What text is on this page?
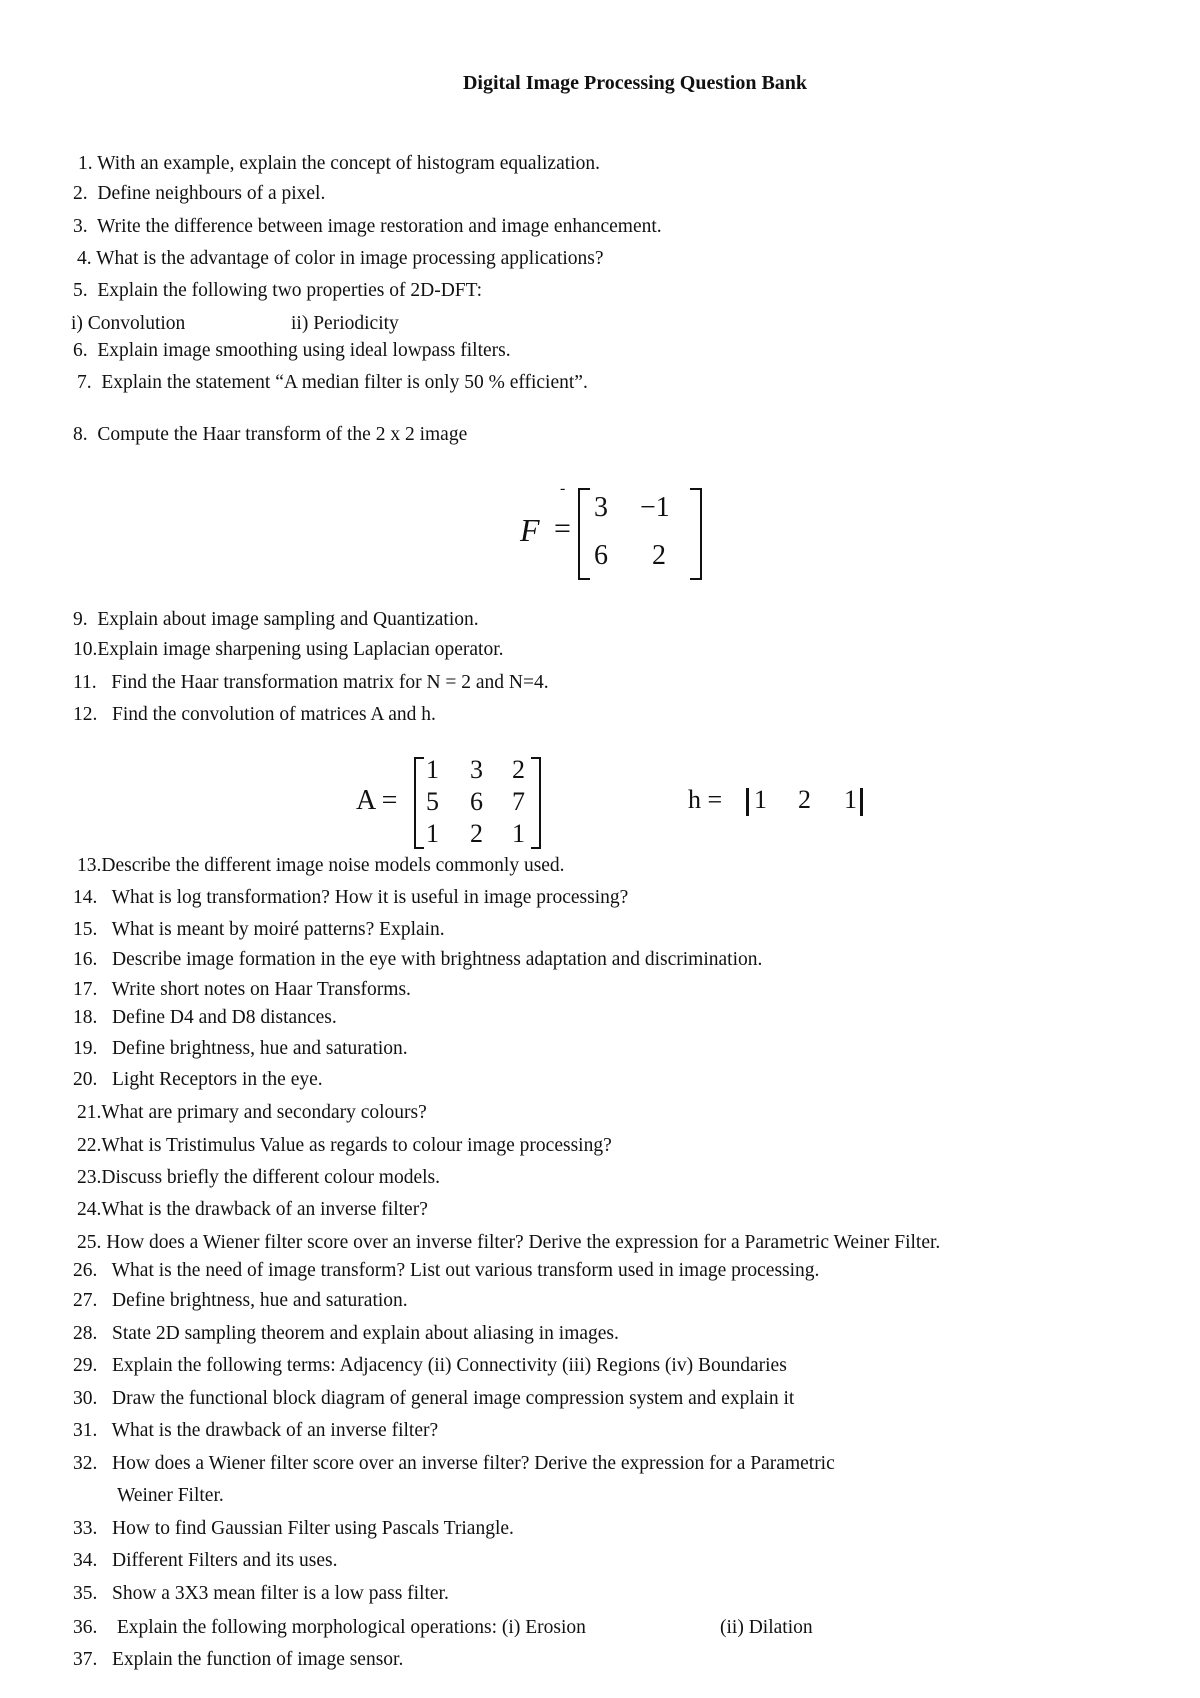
Digital Image Processing Question Bank
1. With an example, explain the concept of histogram equalization.
2. Define neighbours of a pixel.
3. Write the difference between image restoration and image enhancement.
4. What is the advantage of color in image processing applications?
5. Explain the following two properties of 2D-DFT:
i) Convolution	ii) Periodicity
6. Explain image smoothing using ideal lowpass filters.
7. Explain the statement “A median filter is only 50 % efficient”.
8. Compute the Haar transform of the 2 x 2 image
-
F =
3 −1
6 2
9. Explain about image sampling and Quantization.
10.Explain image sharpening using Laplacian operator.
11. Find the Haar transformation matrix for N = 2 and N=4.
12. Find the convolution of matrices A and h.
A =
1 3 2
5 6 7
1 2 1
h = 1 2 1
13.Describe the different image noise models commonly used.
14. What is log transformation? How it is useful in image processing?
15. What is meant by moiré patterns? Explain.
16. Describe image formation in the eye with brightness adaptation and discrimination.
17. Write short notes on Haar Transforms.
18. Define D4 and D8 distances.
19. Define brightness, hue and saturation.
20. Light Receptors in the eye.
21.What are primary and secondary colours?
22.What is Tristimulus Value as regards to colour image processing?
23.Discuss briefly the different colour models.
24.What is the drawback of an inverse filter?
25. How does a Wiener filter score over an inverse filter? Derive the expression for a Parametric Weiner Filter.
26. What is the need of image transform? List out various transform used in image processing.
27. Define brightness, hue and saturation.
28. State 2D sampling theorem and explain about aliasing in images.
29. Explain the following terms: Adjacency (ii) Connectivity (iii) Regions (iv) Boundaries
30. Draw the functional block diagram of general image compression system and explain it
31. What is the drawback of an inverse filter?
32. How does a Wiener filter score over an inverse filter? Derive the expression for a Parametric
Weiner Filter.
33. How to find Gaussian Filter using Pascals Triangle.
34. Different Filters and its uses.
35. Show a 3X3 mean filter is a low pass filter.
36. Explain the following morphological operations: (i) Erosion	(ii) Dilation
37. Explain the function of image sensor.
